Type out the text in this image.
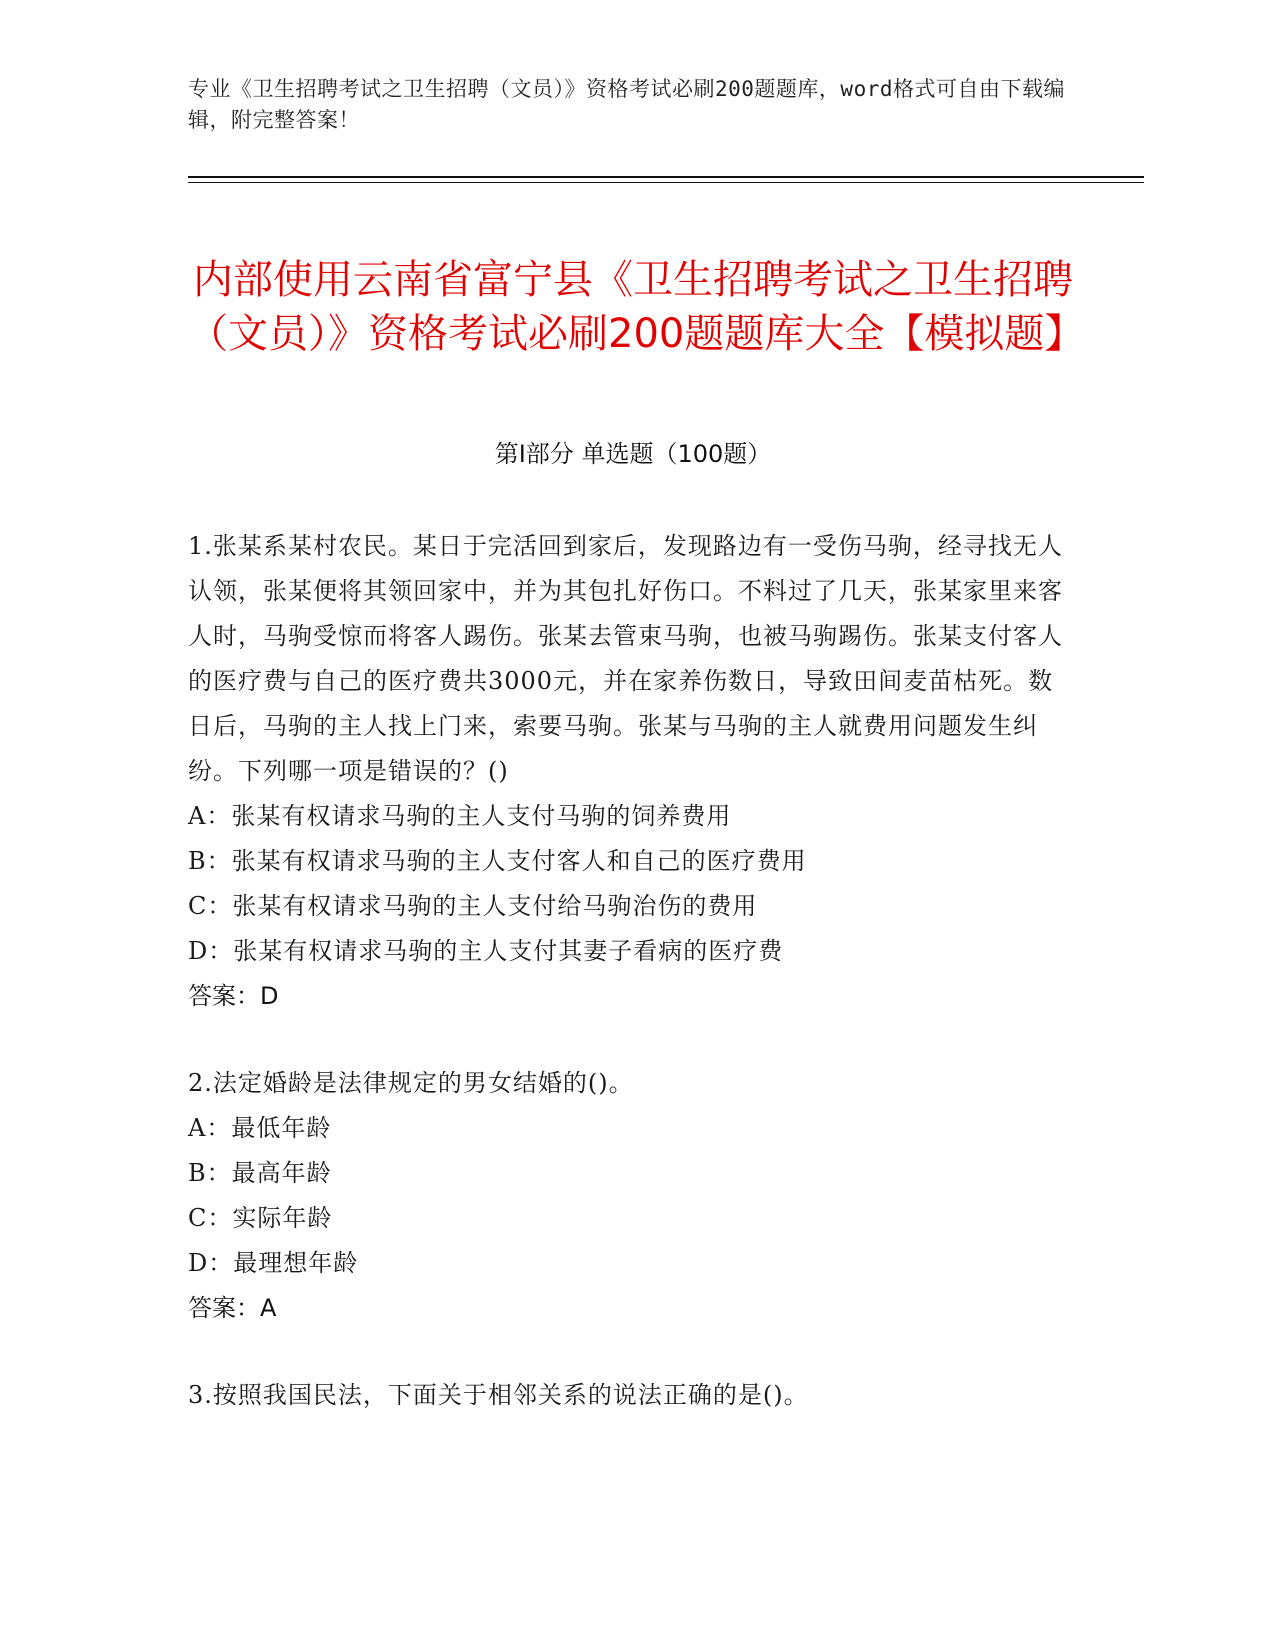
专业《卫生招聘考试之卫生招聘（文员）》资格考试必刷200题题库，word格式可自由下载编辑，附完整答案！
内部使用云南省富宁县《卫生招聘考试之卫生招聘（文员）》资格考试必刷200题题库大全【模拟题】
第I部分 单选题（100题）

1.张某系某村农民。某日于完活回到家后，发现路边有一受伤马驹，经寻找无人认领，张某便将其领回家中，并为其包扎好伤口。不料过了几天，张某家里来客人时，马驹受惊而将客人踢伤。张某去管束马驹，也被马驹踢伤。张某支付客人的医疗费与自己的医疗费共3000元，并在家养伤数日，导致田间麦苗枯死。数日后，马驹的主人找上门来，索要马驹。张某与马驹的主人就费用问题发生纠纷。下列哪一项是错误的？()

A：张某有权请求马驹的主人支付马驹的饲养费用

B：张某有权请求马驹的主人支付客人和自己的医疗费用

C：张某有权请求马驹的主人支付给马驹治伤的费用

D：张某有权请求马驹的主人支付其妻子看病的医疗费

答案：D

2.法定婚龄是法律规定的男女结婚的()。

A：最低年龄

B：最高年龄

C：实际年龄

D：最理想年龄

答案：A

3.按照我国民法，下面关于相邻关系的说法正确的是()。
